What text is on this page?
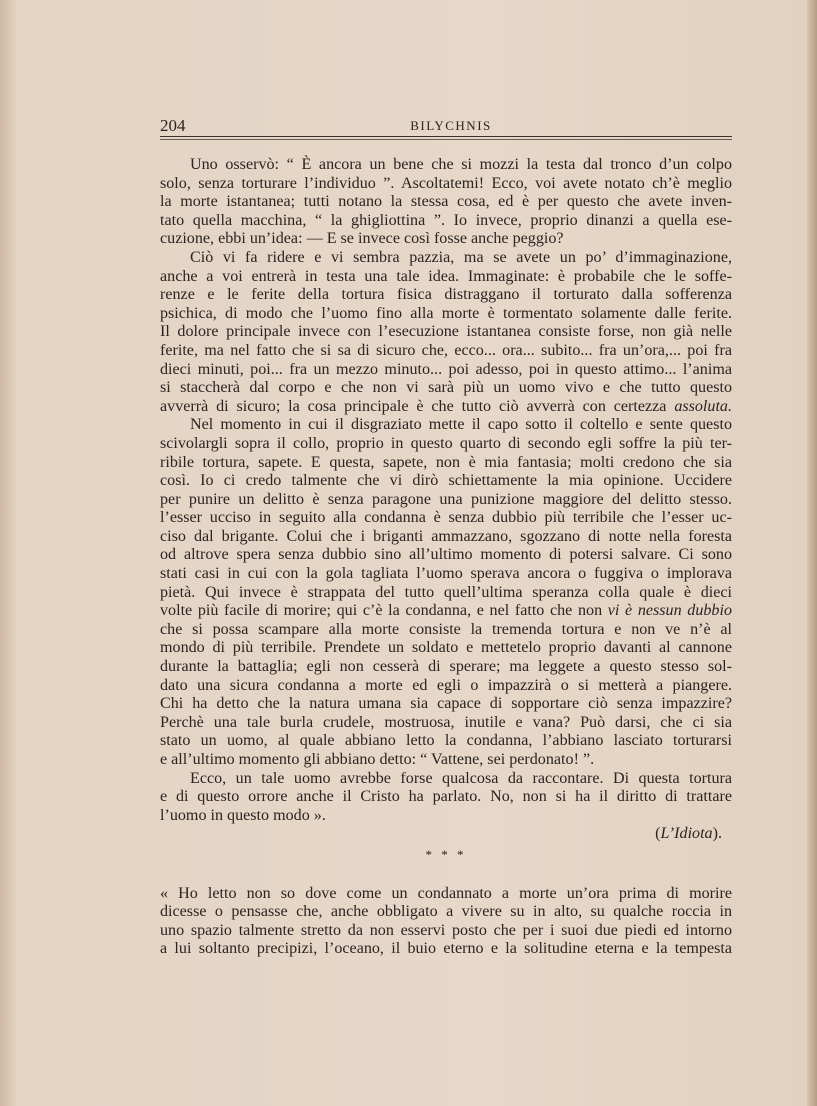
204	BILYCHNIS
Uno osservò: “ È ancora un bene che si mozzi la testa dal tronco d’un colpo
solo, senza torturare l’individuo ”. Ascoltatemi! Ecco, voi avete notato ch’è meglio
la morte istantanea; tutti notano la stessa cosa, ed è per questo che avete inven-
tato quella macchina, “ la ghigliottina ”. Io invece, proprio dinanzi a quella ese-
cuzione, ebbi un’idea: — E se invece così fosse anche peggio?
Ciò vi fa ridere e vi sembra pazzia, ma se avete un po’ d’immaginazione,
anche a voi entrerà in testa una tale idea. Immaginate: è probabile che le soffe-
renze e le ferite della tortura fisica distraggano il torturato dalla sofferenza
psichica, di modo che l’uomo fino alla morte è tormentato solamente dalle ferite.
Il dolore principale invece con l’esecuzione istantanea consiste forse, non già nelle
ferite, ma nel fatto che si sa di sicuro che, ecco... ora... subito... fra un’ora,... poi fra
dieci minuti, poi... fra un mezzo minuto... poi adesso, poi in questo attimo... l’anima
si staccherà dal corpo e che non vi sarà più un uomo vivo e che tutto questo
avverrà di sicuro; la cosa principale è che tutto ciò avverrà con certezza assoluta.
Nel momento in cui il disgraziato mette il capo sotto il coltello e sente questo
scivolargli sopra il collo, proprio in questo quarto di secondo egli soffre la più ter-
ribile tortura, sapete. E questa, sapete, non è mia fantasia; molti credono che sia
così. Io ci credo talmente che vi dirò schiettamente la mia opinione. Uccidere
per punire un delitto è senza paragone una punizione maggiore del delitto stesso.
l’esser ucciso in seguito alla condanna è senza dubbio più terribile che l’esser uc-
ciso dal brigante. Colui che i briganti ammazzano, sgozzano di notte nella foresta
od altrove spera senza dubbio sino all’ultimo momento di potersi salvare. Ci sono
stati casi in cui con la gola tagliata l’uomo sperava ancora o fuggiva o implorava
pietà. Qui invece è strappata del tutto quell’ultima speranza colla quale è dieci
volte più facile di morire; qui c’è la condanna, e nel fatto che non vi è nessun dubbio
che si possa scampare alla morte consiste la tremenda tortura e non ve n’è al
mondo di più terribile. Prendete un soldato e mettetelo proprio davanti al cannone
durante la battaglia; egli non cesserà di sperare; ma leggete a questo stesso sol-
dato una sicura condanna a morte ed egli o impazzirà o si metterà a piangere.
Chi ha detto che la natura umana sia capace di sopportare ciò senza impazzire?
Perchè una tale burla crudele, mostruosa, inutile e vana? Può darsi, che ci sia
stato un uomo, al quale abbiano letto la condanna, l’abbiano lasciato torturarsi
e all’ultimo momento gli abbiano detto: “ Vattene, sei perdonato! ”.
Ecco, un tale uomo avrebbe forse qualcosa da raccontare. Di questa tortura
e di questo orrore anche il Cristo ha parlato. No, non si ha il diritto di trattare
l’uomo in questo modo ».
(L’Idiota).
* * *
« Ho letto non so dove come un condannato a morte un’ora prima di morire
dicesse o pensasse che, anche obbligato a vivere su in alto, su qualche roccia in
uno spazio talmente stretto da non esservi posto che per i suoi due piedi ed intorno
a lui soltanto precipizi, l’oceano, il buio eterno e la solitudine eterna e la tempesta
